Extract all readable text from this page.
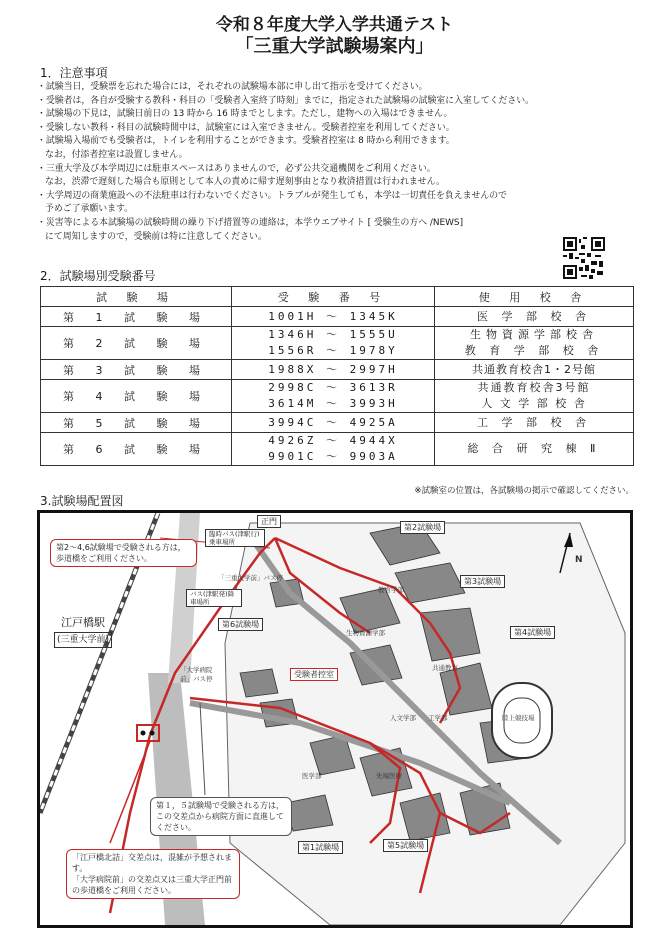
令和８年度大学入学共通テスト
「三重大学試験場案内」
1．注意事項
・試験当日，受験票を忘れた場合には，それぞれの試験場本部に申し出て指示を受けてください。
・受験者は，各自が受験する教科・科目の「受験者入室終了時刻」までに，指定された試験場の試験室に入室してください。
・試験場の下見は，試験日前日の 13 時から 16 時までとします。ただし，建物への入場はできません。
・受験しない教科・科目の試験時間中は，試験室には入室できません。受験者控室を利用してください。
・試験場入場前でも受験者は，トイレを利用することができます。受験者控室は 8 時から利用できます。
なお，付添者控室は設置しません。
・三重大学及び本学周辺には駐車スペースはありませんので，必ず公共交通機関をご利用ください。
なお，渋滞で遅刻した場合も原則として本人の責めに帰す遅刻事由となり救済措置は行われません。
・大学周辺の商業施設への不法駐車は行わないでください。トラブルが発生しても，本学は一切責任を負えませんので
予めご了承願います。
・災害等による本試験場の試験時間の繰り下げ措置等の連絡は，本学ウエブサイト [ 受験生の方へ /NEWS]
にて周知しますので，受験前は特に注意してください。
2．試験場別受験番号
試 験 場	受 験 番 号	使 用 校 舎
第 1 試 験 場	1001H ～ 1345K	医 学 部 校 舎

第 2 試 験 場	1346H ～ 1555U
1556R ～ 1978Y	生物資源学部校舎
教 育 学 部 校 舎

第 3 試 験 場	1988X ～ 2997H	共通教育校舎1・2号館

第 4 試 験 場	2998C ～ 3613R
3614M ～ 3993H	共通教育校舎3号館
人 文 学 部 校 舎

第 5 試 験 場	3994C ～ 4925A	工 学 部 校 舎

第 6 試 験 場	4926Z ～ 4944X
9901C ～ 9903A	総 合 研 究 棟 Ⅱ
※試験室の位置は，各試験場の掲示で確認してください。
3.試験場配置図
第2～4,6試験場で受験される方は，歩道橋をご利用ください。
正門
臨時バス(津駅行)乗車場所
「三重大学前」バス停
バス(津駅発)降車場所
「大学病院前」バス停
江戸橋駅
(三重大学前)
第2試験場
第3試験場
第4試験場
第6試験場
受験者控室
第1試験場	第5試験場
教育学部
生物資源学部
共通教育
人文学部 工学部
医学部	先端医療
陸上競技場
N
第１，５試験場で受験される方は，この交差点から病院方面に直進してください。
「江戸橋北詰」交差点は，混雑が予想されます。
「大学病院前」の交差点又は三重大学正門前の歩道橋をご利用ください。
